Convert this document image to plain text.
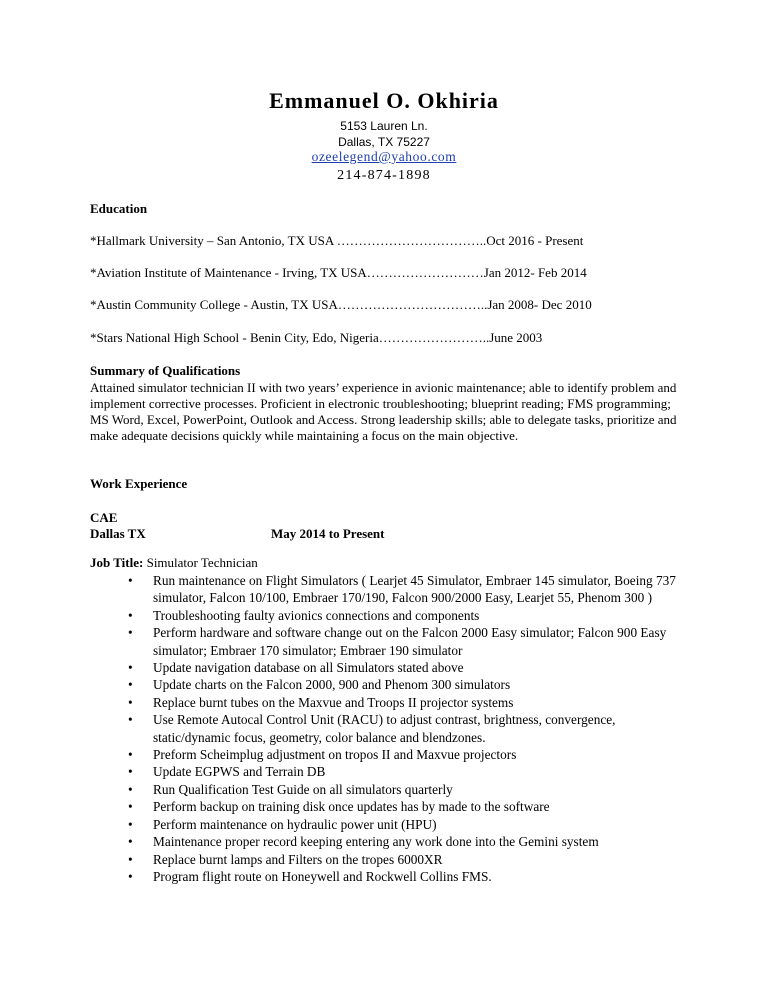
Emmanuel O. Okhiria
5153 Lauren Ln.
Dallas, TX 75227
ozeelegend@yahoo.com
214-874-1898
Education
*Hallmark University – San Antonio, TX USA ……………………………..Oct 2016 - Present
*Aviation Institute of Maintenance - Irving, TX USA………………………Jan 2012- Feb 2014
*Austin Community College - Austin, TX USA……………………………..Jan 2008- Dec 2010
*Stars National High School - Benin City, Edo, Nigeria……………………..June 2003
Summary of Qualifications
Attained simulator technician II with two years’ experience in avionic maintenance; able to identify problem and implement corrective processes. Proficient in electronic troubleshooting; blueprint reading; FMS programming; MS Word, Excel, PowerPoint, Outlook and Access. Strong leadership skills; able to delegate tasks, prioritize and make adequate decisions quickly while maintaining a focus on the main objective.
Work Experience
CAE
Dallas TX	May 2014 to Present
Job Title: Simulator Technician
• Run maintenance on Flight Simulators ( Learjet 45 Simulator, Embraer 145 simulator, Boeing 737 simulator, Falcon 10/100, Embraer 170/190, Falcon 900/2000 Easy, Learjet 55, Phenom 300 )
• Troubleshooting faulty avionics connections and components
• Perform hardware and software change out on the Falcon 2000 Easy simulator; Falcon 900 Easy simulator; Embraer 170 simulator; Embraer 190 simulator
• Update navigation database on all Simulators stated above
• Update charts on the Falcon 2000, 900 and Phenom 300 simulators
• Replace burnt tubes on the Maxvue and Troops II projector systems
• Use Remote Autocal Control Unit (RACU) to adjust contrast, brightness, convergence, static/dynamic focus, geometry, color balance and blendzones.
• Preform Scheimplug adjustment on tropos II and Maxvue projectors
• Update EGPWS and Terrain DB
• Run Qualification Test Guide on all simulators quarterly
• Perform backup on training disk once updates has by made to the software
• Perform maintenance on hydraulic power unit (HPU)
• Maintenance proper record keeping entering any work done into the Gemini system
• Replace burnt lamps and Filters on the tropes 6000XR
• Program flight route on Honeywell and Rockwell Collins FMS.
